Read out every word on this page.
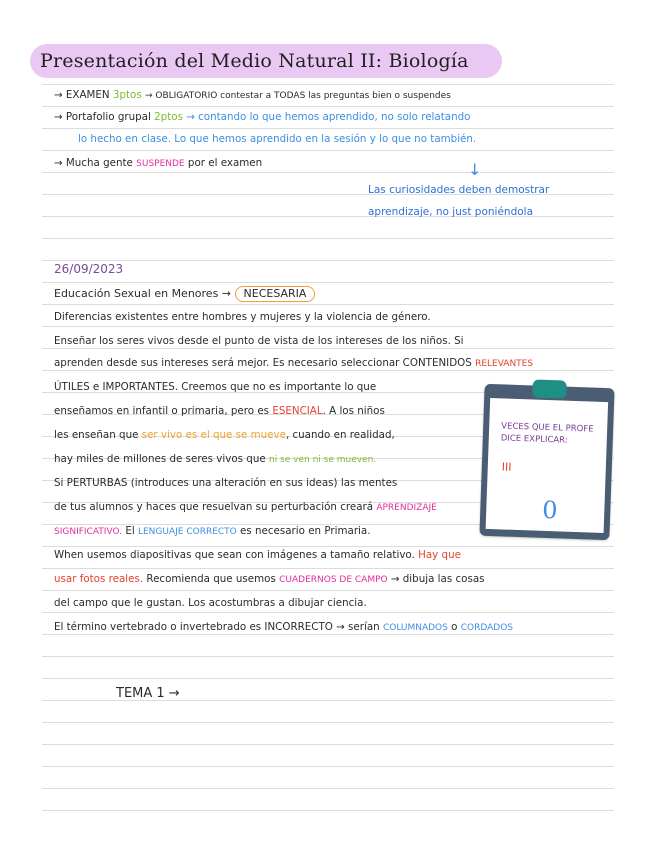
Presentación del Medio Natural II: Biología
→ EXAMEN 3ptos → OBLIGATORIO contestar a TODAS las preguntas bien o suspendes
→ Portafolio grupal 2ptos → contando lo que hemos aprendido, no solo relatando
lo hecho en clase. Lo que hemos aprendido en la sesión y lo que no también.
→ Mucha gente SUSPENDE por el examen	↓
Las curiosidades deben demostrar
aprendizaje, no just poniéndola
26/09/2023
Educación Sexual en Menores → NECESARIA
Diferencias existentes entre hombres y mujeres y la violencia de género.
Enseñar los seres vivos desde el punto de vista de los intereses de los niños. Si
aprenden desde sus intereses será mejor. Es necesario seleccionar CONTENIDOS RELEVANTES
ÚTILES e IMPORTANTES. Creemos que no es importante lo que
enseñamos en infantil o primaria, pero es ESENCIAL. A los niños
les enseñan que ser vivo es el que se mueve, cuando en realidad,
hay miles de millones de seres vivos que ni se ven ni se mueven.
Si PERTURBAS (introduces una alteración en sus ideas) las mentes
de tus alumnos y haces que resuelvan su perturbación creará APRENDIZAJE
SIGNIFICATIVO. El LENGUAJE CORRECTO es necesario en Primaria.
When usemos diapositivas que sean con imágenes a tamaño relativo. Hay que
usar fotos reales. Recomienda que usemos CUADERNOS DE CAMPO → dibuja las cosas
del campo que le gustan. Los acostumbras a dibujar ciencia.
El término vertebrado o invertebrado es INCORRECTO → serían COLUMNADOS o CORDADOS
VECES QUE EL PROFE
DICE EXPLICAR:
III
0
TEMA 1 →
